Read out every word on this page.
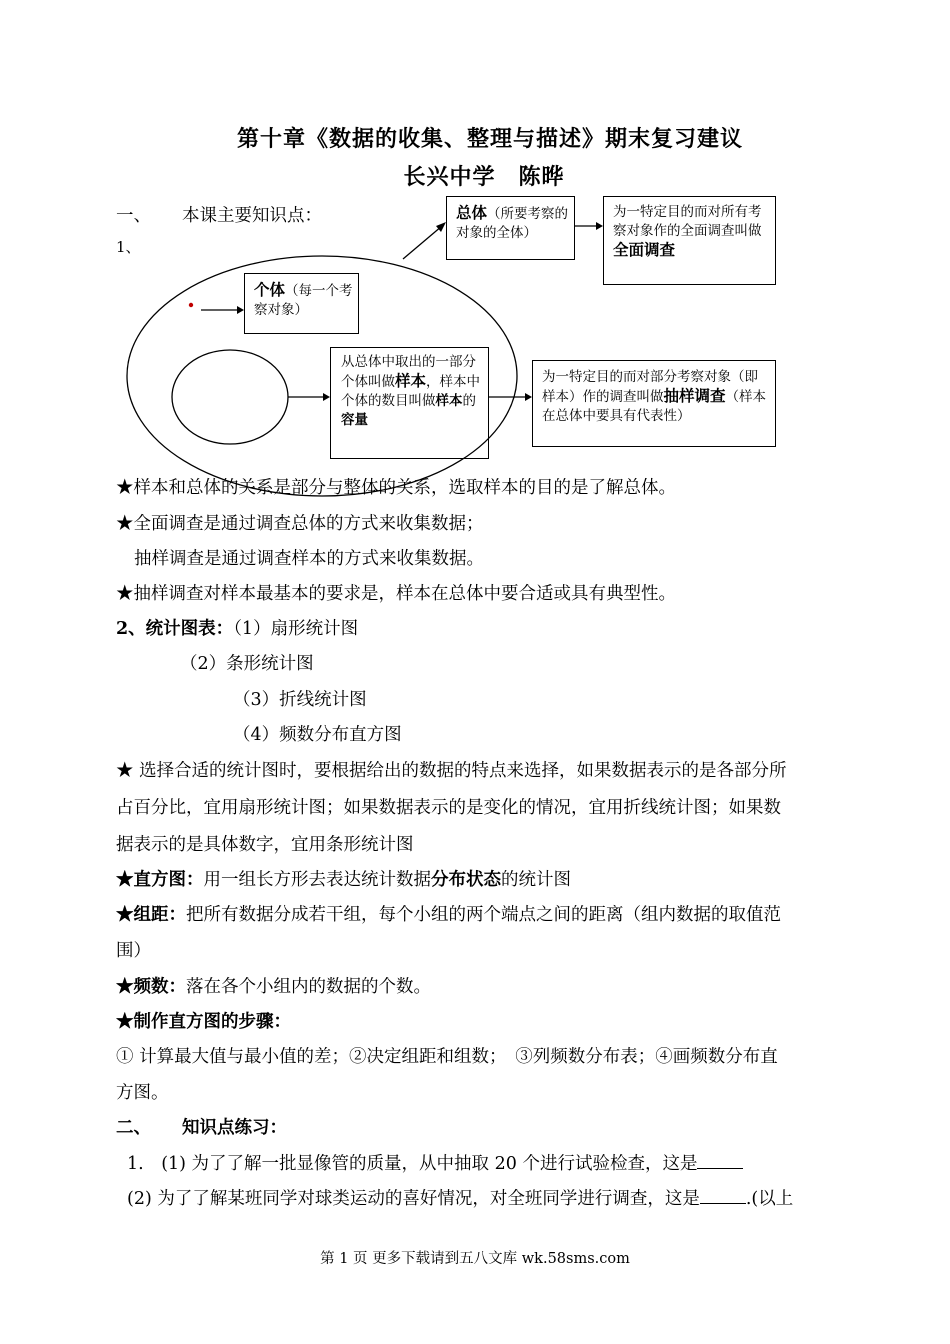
第十章《数据的收集、整理与描述》期末复习建议
长兴中学　陈晔
一、 本课主要知识点：
1、
总体（所要考察的对象的全体）
为一特定目的而对所有考察对象作的全面调查叫做全面调查
个体（每一个考察对象）
从总体中取出的一部分个体叫做样本，样本中个体的数目叫做样本的容量
为一特定目的而对部分考察对象（即样本）作的调查叫做抽样调查（样本在总体中要具有代表性）
★样本和总体的关系是部分与整体的关系，选取样本的目的是了解总体。
★全面调查是通过调查总体的方式来收集数据；
抽样调查是通过调查样本的方式来收集数据。
★抽样调查对样本最基本的要求是，样本在总体中要合适或具有典型性。
2、统计图表：（1）扇形统计图
（2）条形统计图
（3）折线统计图
（4）频数分布直方图
★ 选择合适的统计图时，要根据给出的数据的特点来选择，如果数据表示的是各部分所
占百分比，宜用扇形统计图；如果数据表示的是变化的情况，宜用折线统计图；如果数
据表示的是具体数字，宜用条形统计图
★直方图：用一组长方形去表达统计数据分布状态的统计图
★组距：把所有数据分成若干组，每个小组的两个端点之间的距离（组内数据的取值范
围）
★频数：落在各个小组内的数据的个数。
★制作直方图的步骤：
① 计算最大值与最小值的差；②决定组距和组数；　③列频数分布表；④画频数分布直
方图。
二、 知识点练习：
1.　(1) 为了了解一批显像管的质量，从中抽取 20 个进行试验检查，这是
(2) 为了了解某班同学对球类运动的喜好情况，对全班同学进行调查，这是	.(以上
第 1 页 更多下载请到五八文库 wk.58sms.com
